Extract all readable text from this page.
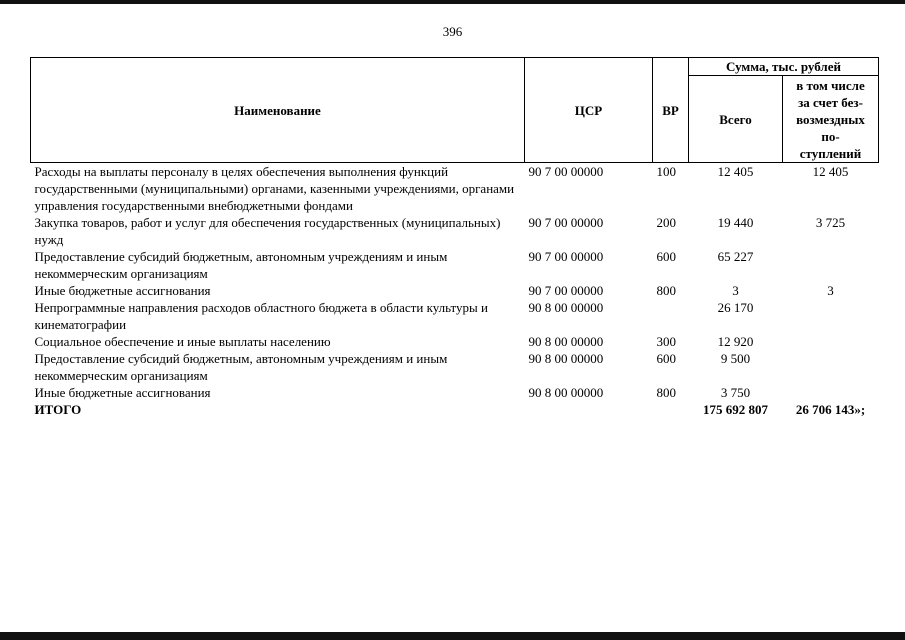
396
Наименование	ЦСР	ВР	Сумма, тыс. рублей	
			Всего	в том числе
за счет без-
возмездных
по-
ступлений

Расходы на выплаты персоналу в целях обеспечения выполнения функций государственными (муниципальными) органами, казенными учреждениями, органами управления государственными внебюджетными фондами	90 7 00 00000	100	12 405	12 405
Закупка товаров, работ и услуг для обеспечения государственных (муниципальных) нужд	90 7 00 00000	200	19 440	3 725
Предоставление субсидий бюджетным, автономным учреждениям и иным некоммерческим организациям	90 7 00 00000	600	65 227	
Иные бюджетные ассигнования	90 7 00 00000	800	3	3
Непрограммные направления расходов областного бюджета в области культуры и кинематографии	90 8 00 00000		26 170	
Социальное обеспечение и иные выплаты населению	90 8 00 00000	300	12 920	
Предоставление субсидий бюджетным, автономным учреждениям и иным некоммерческим организациям	90 8 00 00000	600	9 500	
Иные бюджетные ассигнования	90 8 00 00000	800	3 750	
ИТОГО			175 692 807	26 706 143»;
